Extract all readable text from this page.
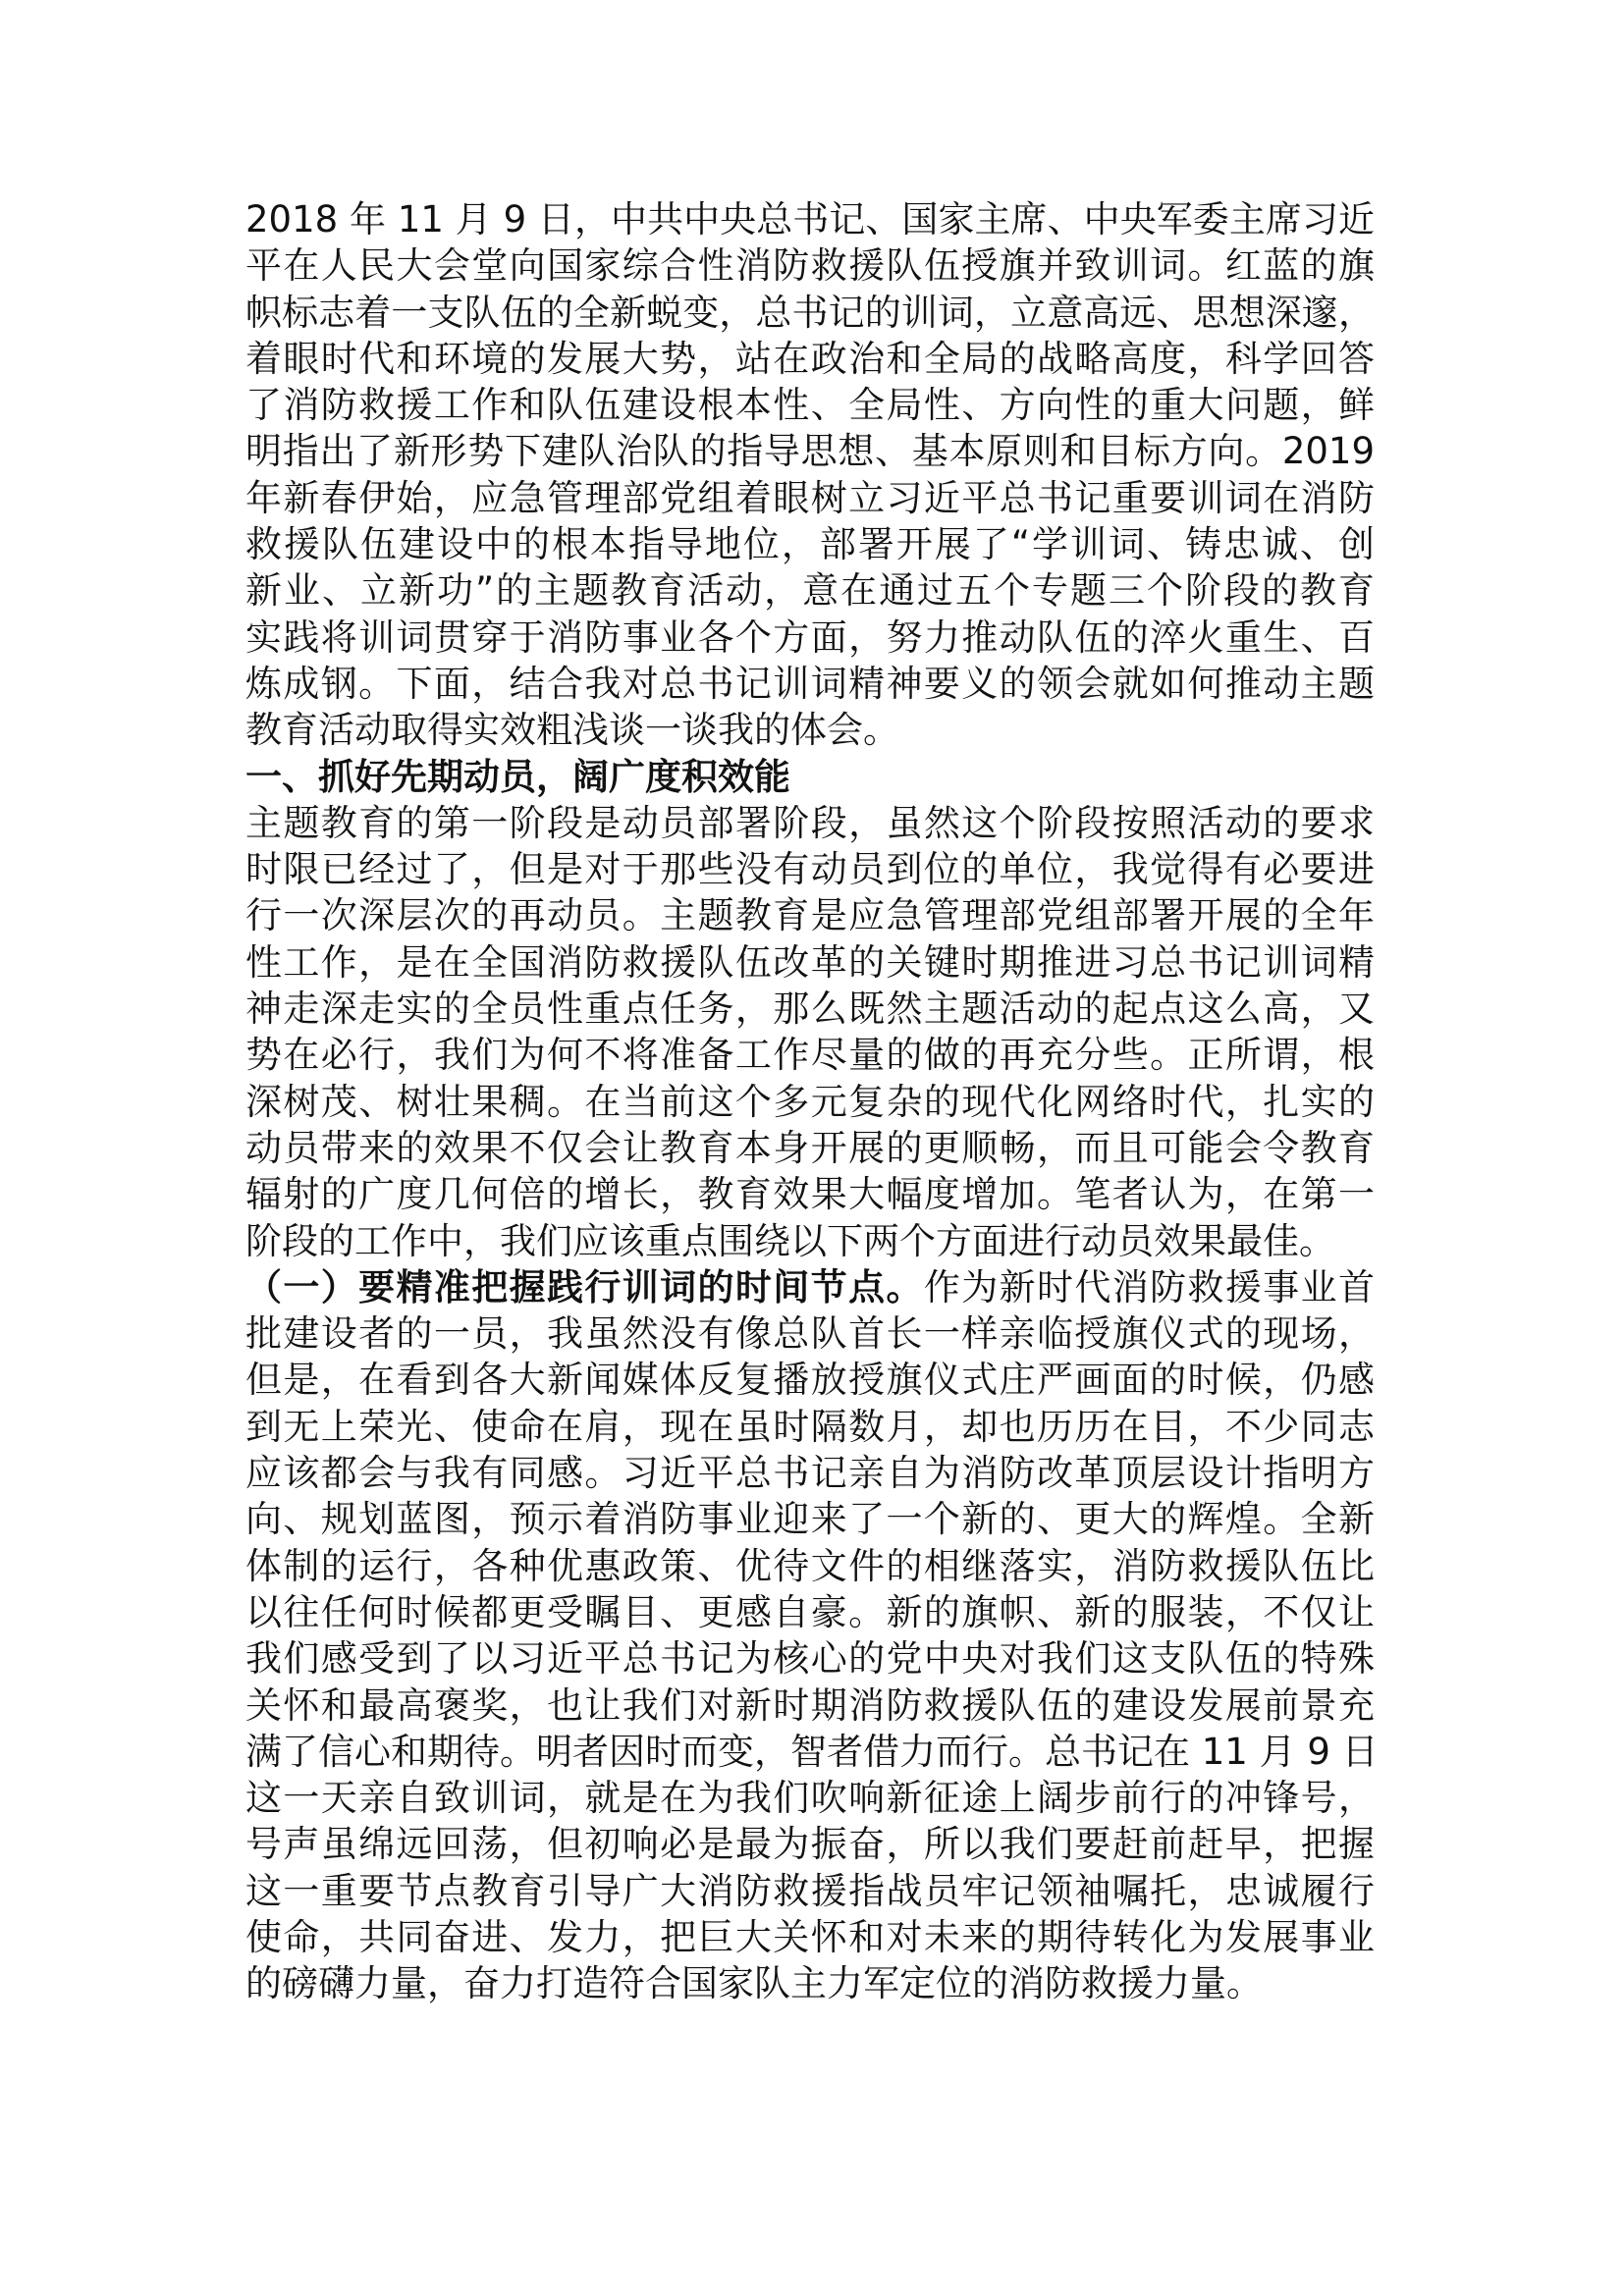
2018 年 11 月 9 日，中共中央总书记、国家主席、中央军委主席习近
平在人民大会堂向国家综合性消防救援队伍授旗并致训词。红蓝的旗
帜标志着一支队伍的全新蜕变，总书记的训词，立意高远、思想深邃，
着眼时代和环境的发展大势，站在政治和全局的战略高度，科学回答
了消防救援工作和队伍建设根本性、全局性、方向性的重大问题，鲜
明指出了新形势下建队治队的指导思想、基本原则和目标方向。2019
年新春伊始，应急管理部党组着眼树立习近平总书记重要训词在消防
救援队伍建设中的根本指导地位，部署开展了“学训词、铸忠诚、创
新业、立新功”的主题教育活动，意在通过五个专题三个阶段的教育
实践将训词贯穿于消防事业各个方面，努力推动队伍的淬火重生、百
炼成钢。下面，结合我对总书记训词精神要义的领会就如何推动主题
教育活动取得实效粗浅谈一谈我的体会。
一、抓好先期动员，阔广度积效能
主题教育的第一阶段是动员部署阶段，虽然这个阶段按照活动的要求
时限已经过了，但是对于那些没有动员到位的单位，我觉得有必要进
行一次深层次的再动员。主题教育是应急管理部党组部署开展的全年
性工作，是在全国消防救援队伍改革的关键时期推进习总书记训词精
神走深走实的全员性重点任务，那么既然主题活动的起点这么高，又
势在必行，我们为何不将准备工作尽量的做的再充分些。正所谓，根
深树茂、树壮果稠。在当前这个多元复杂的现代化网络时代，扎实的
动员带来的效果不仅会让教育本身开展的更顺畅，而且可能会令教育
辐射的广度几何倍的增长，教育效果大幅度增加。笔者认为，在第一
阶段的工作中，我们应该重点围绕以下两个方面进行动员效果最佳。
（一）要精准把握践行训词的时间节点。作为新时代消防救援事业首
批建设者的一员，我虽然没有像总队首长一样亲临授旗仪式的现场，
但是，在看到各大新闻媒体反复播放授旗仪式庄严画面的时候，仍感
到无上荣光、使命在肩，现在虽时隔数月，却也历历在目，不少同志
应该都会与我有同感。习近平总书记亲自为消防改革顶层设计指明方
向、规划蓝图，预示着消防事业迎来了一个新的、更大的辉煌。全新
体制的运行，各种优惠政策、优待文件的相继落实，消防救援队伍比
以往任何时候都更受瞩目、更感自豪。新的旗帜、新的服装，不仅让
我们感受到了以习近平总书记为核心的党中央对我们这支队伍的特殊
关怀和最高褒奖，也让我们对新时期消防救援队伍的建设发展前景充
满了信心和期待。明者因时而变，智者借力而行。总书记在 11 月 9 日
这一天亲自致训词，就是在为我们吹响新征途上阔步前行的冲锋号，
号声虽绵远回荡，但初响必是最为振奋，所以我们要赶前赶早，把握
这一重要节点教育引导广大消防救援指战员牢记领袖嘱托，忠诚履行
使命，共同奋进、发力，把巨大关怀和对未来的期待转化为发展事业
的磅礴力量，奋力打造符合国家队主力军定位的消防救援力量。
